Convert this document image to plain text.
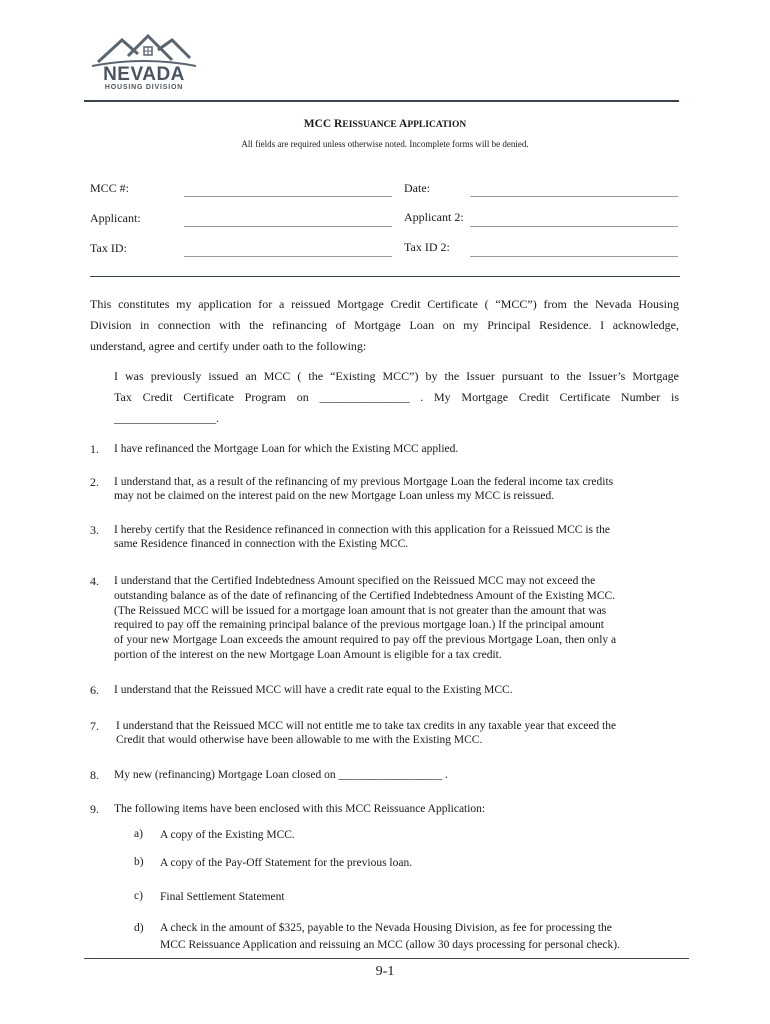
NEVADA
HOUSING DIVISION
MCC REISSUANCE APPLICATION
All fields are required unless otherwise noted. Incomplete forms will be denied.
MCC #:	Date:
Applicant:	Applicant 2:
Tax ID:	Tax ID 2:
This constitutes my application for a reissued Mortgage Credit Certificate ( “MCC”) from the Nevada Housing
Division in connection with the refinancing of Mortgage Loan on my Principal Residence. I acknowledge,
understand, agree and certify under oath to the following:
I was previously issued an MCC ( the “Existing MCC”) by the Issuer pursuant to the Issuer’s Mortgage
Tax Credit Certificate Program on _______________ . My Mortgage Credit Certificate Number is
_________________.
1. I have refinanced the Mortgage Loan for which the Existing MCC applied.
2. I understand that, as a result of the refinancing of my previous Mortgage Loan the federal income tax credits
may not be claimed on the interest paid on the new Mortgage Loan unless my MCC is reissued.
3. I hereby certify that the Residence refinanced in connection with this application for a Reissued MCC is the
same Residence financed in connection with the Existing MCC.
4. I understand that the Certified Indebtedness Amount specified on the Reissued MCC may not exceed the
outstanding balance as of the date of refinancing of the Certified Indebtedness Amount of the Existing MCC.
(The Reissued MCC will be issued for a mortgage loan amount that is not greater than the amount that was
required to pay off the remaining principal balance of the previous mortgage loan.) If the principal amount
of your new Mortgage Loan exceeds the amount required to pay off the previous Mortgage Loan, then only a
portion of the interest on the new Mortgage Loan Amount is eligible for a tax credit.
6. I understand that the Reissued MCC will have a credit rate equal to the Existing MCC.
7. I understand that the Reissued MCC will not entitle me to take tax credits in any taxable year that exceed the
Credit that would otherwise have been allowable to me with the Existing MCC.
8. My new (refinancing) Mortgage Loan closed on __________________ .
9. The following items have been enclosed with this MCC Reissuance Application:
a) A copy of the Existing MCC.
b) A copy of the Pay-Off Statement for the previous loan.
c) Final Settlement Statement
d) A check in the amount of $325, payable to the Nevada Housing Division, as fee for processing the
MCC Reissuance Application and reissuing an MCC (allow 30 days processing for personal check).
9-1
